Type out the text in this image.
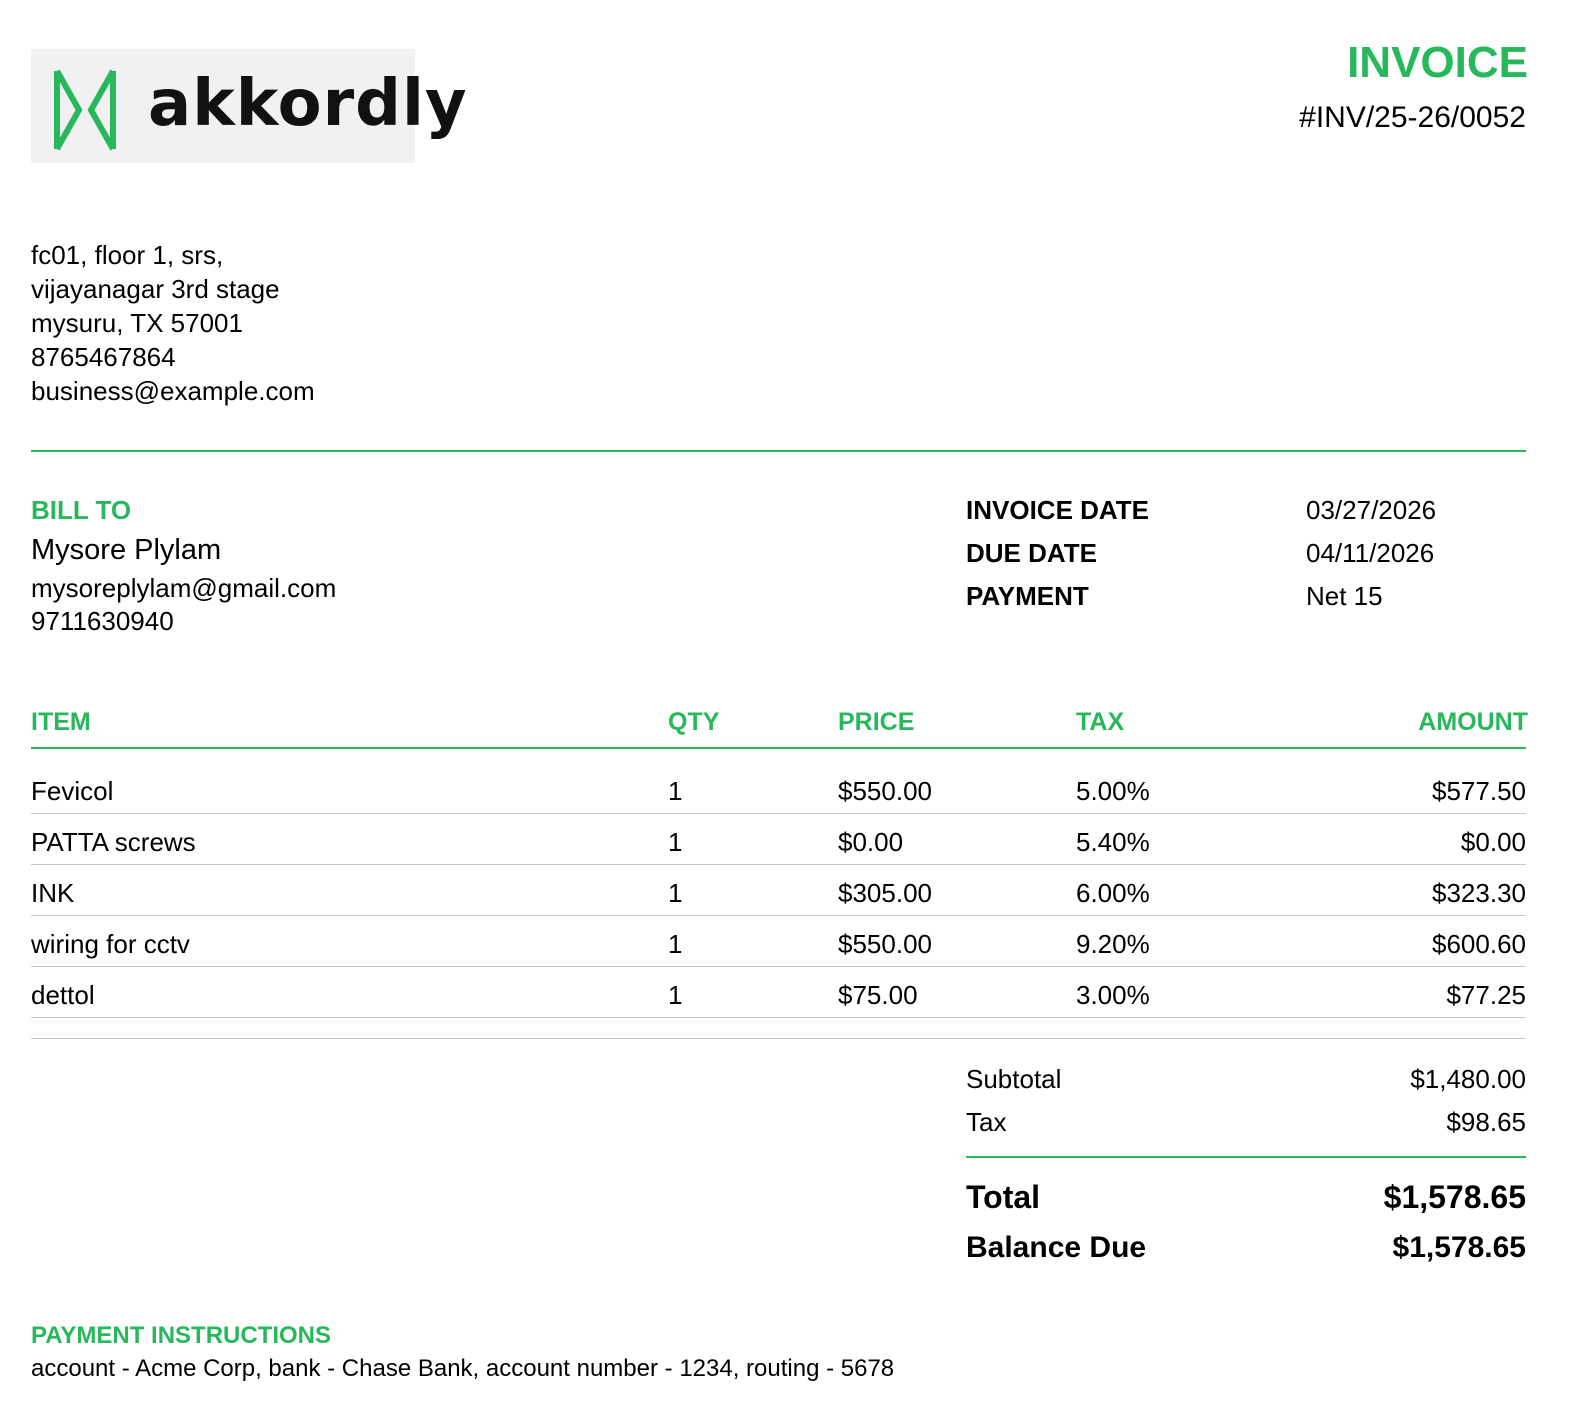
akkordly
INVOICE
#INV/25-26/0052
fc01, floor 1, srs,
vijayanagar 3rd stage
mysuru, TX 57001
8765467864
business@example.com
BILL TO
Mysore Plylam
mysoreplylam@gmail.com
9711630940
INVOICE DATE	03/27/2026
DUE DATE	04/11/2026
PAYMENT	Net 15
ITEM	QTY	PRICE	TAX	AMOUNT
Fevicol	1	$550.00	5.00%	$577.50
PATTA screws	1	$0.00	5.40%	$0.00
INK	1	$305.00	6.00%	$323.30
wiring for cctv	1	$550.00	9.20%	$600.60
dettol	1	$75.00	3.00%	$77.25
Subtotal	$1,480.00
Tax	$98.65
Total	$1,578.65
Balance Due	$1,578.65
PAYMENT INSTRUCTIONS
account - Acme Corp, bank - Chase Bank, account number - 1234, routing - 5678
